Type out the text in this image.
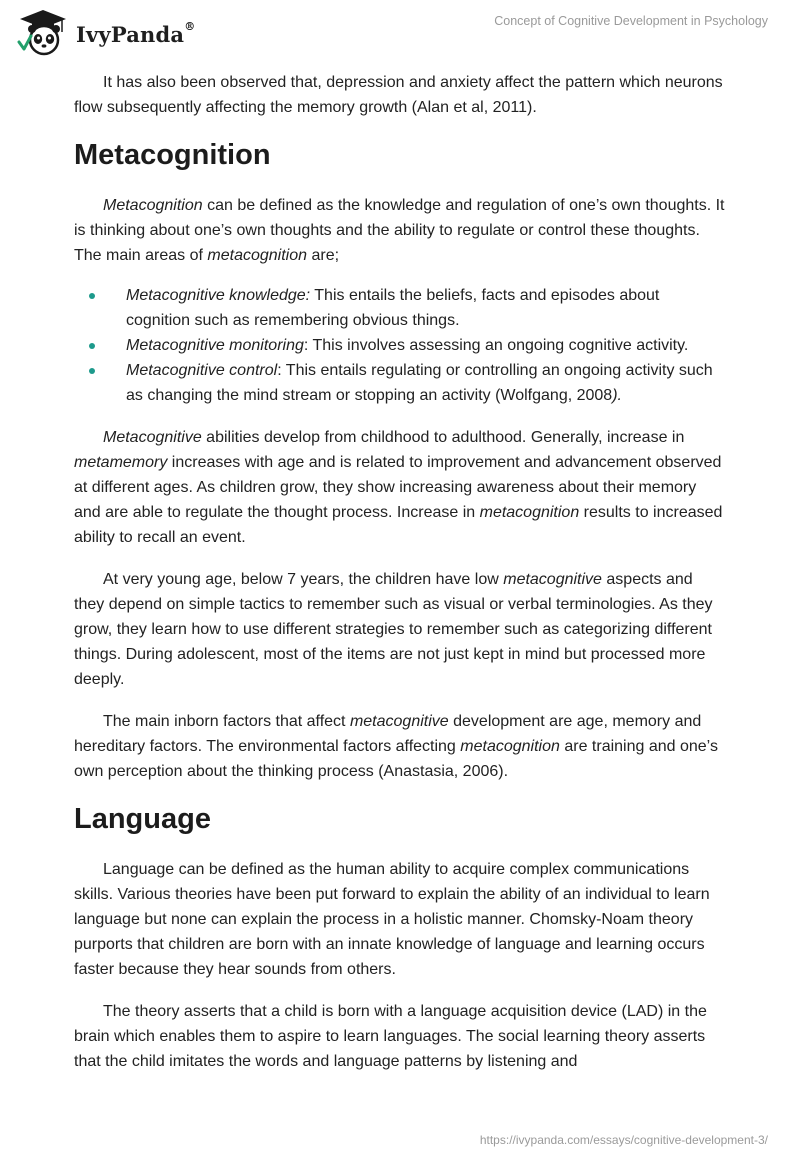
IvyPanda®	Concept of Cognitive Development in Psychology

It has also been observed that, depression and anxiety affect the pattern which neurons flow subsequently affecting the memory growth (Alan et al, 2011).

Metacognition

Metacognition can be defined as the knowledge and regulation of one’s own thoughts. It is thinking about one’s own thoughts and the ability to regulate or control these thoughts. The main areas of metacognition are;

Metacognitive knowledge: This entails the beliefs, facts and episodes about cognition such as remembering obvious things.
Metacognitive monitoring: This involves assessing an ongoing cognitive activity.
Metacognitive control: This entails regulating or controlling an ongoing activity such as changing the mind stream or stopping an activity (Wolfgang, 2008).

Metacognitive abilities develop from childhood to adulthood. Generally, increase in metamemory increases with age and is related to improvement and advancement observed at different ages. As children grow, they show increasing awareness about their memory and are able to regulate the thought process. Increase in metacognition results to increased ability to recall an event.

At very young age, below 7 years, the children have low metacognitive aspects and they depend on simple tactics to remember such as visual or verbal terminologies. As they grow, they learn how to use different strategies to remember such as categorizing different things. During adolescent, most of the items are not just kept in mind but processed more deeply.

The main inborn factors that affect metacognitive development are age, memory and hereditary factors. The environmental factors affecting metacognition are training and one’s own perception about the thinking process (Anastasia, 2006).

Language

Language can be defined as the human ability to acquire complex communications skills. Various theories have been put forward to explain the ability of an individual to learn language but none can explain the process in a holistic manner. Chomsky-Noam theory purports that children are born with an innate knowledge of language and learning occurs faster because they hear sounds from others.

The theory asserts that a child is born with a language acquisition device (LAD) in the brain which enables them to aspire to learn languages. The social learning theory asserts that the child imitates the words and language patterns by listening and

https://ivypanda.com/essays/cognitive-development-3/
